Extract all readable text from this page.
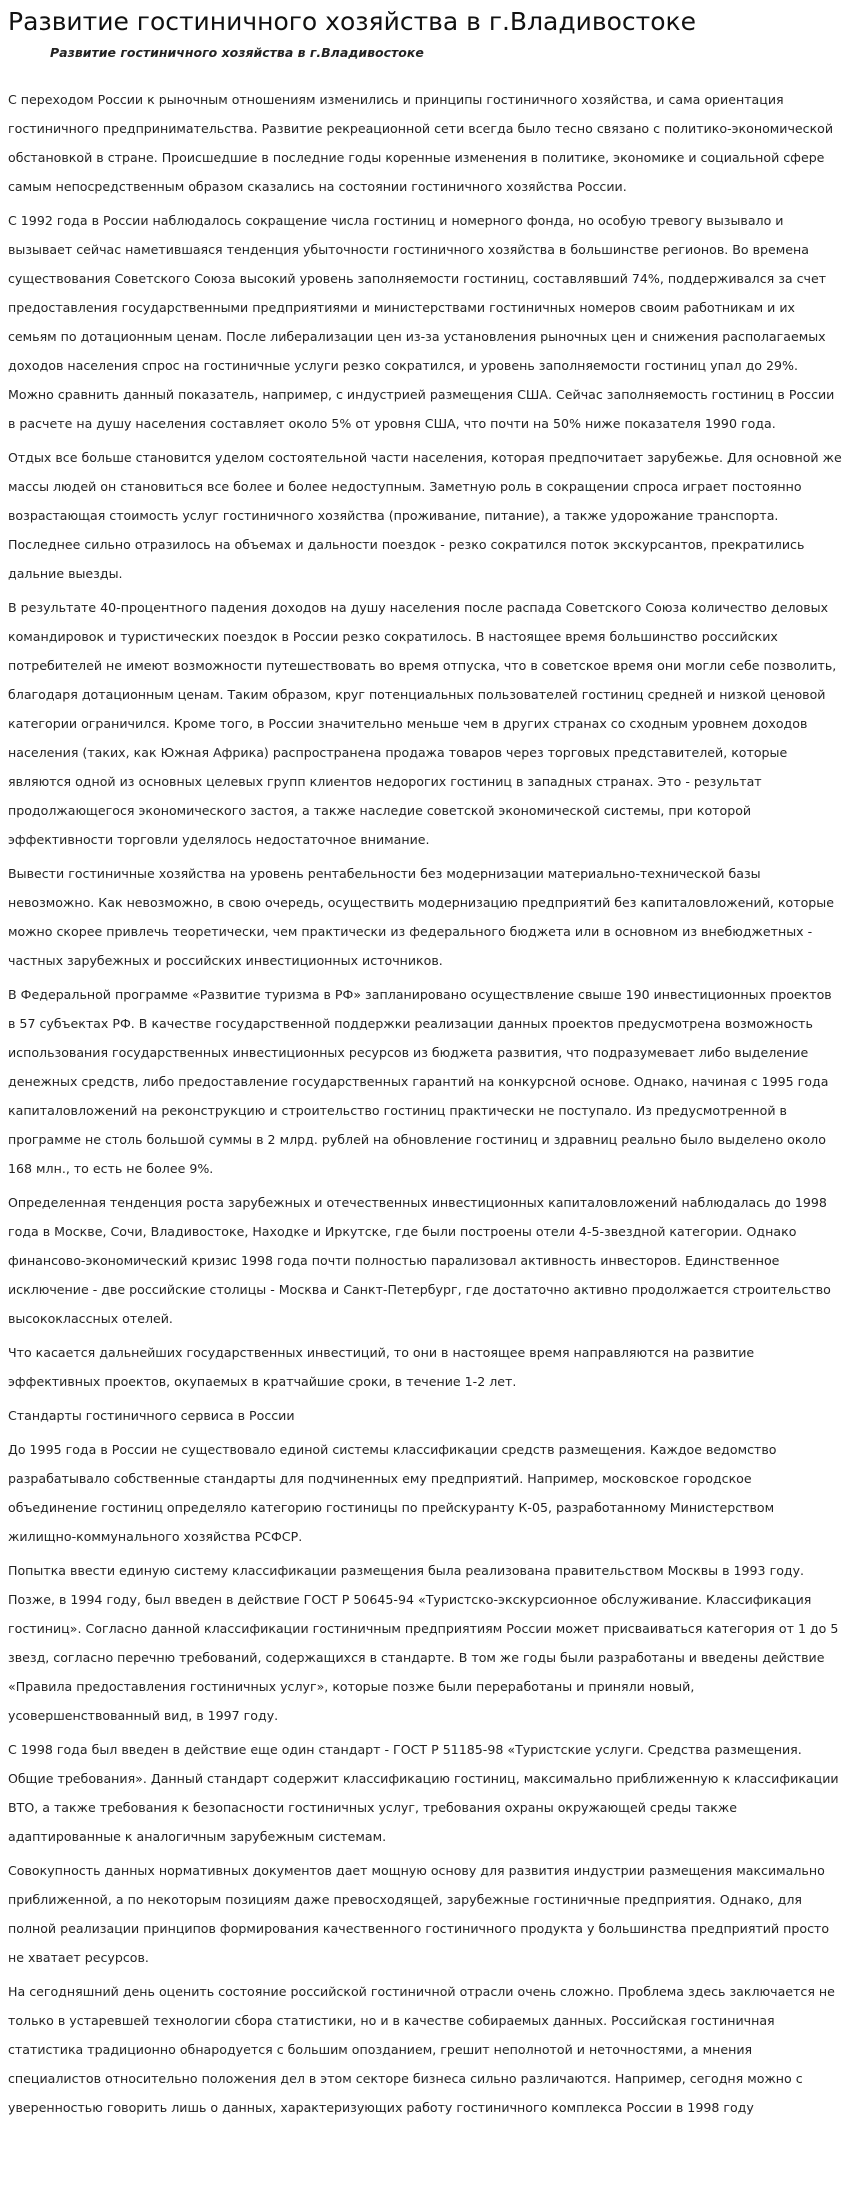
Развитие гостиничного хозяйства в г.Владивостоке
Развитие гостиничного хозяйства в г.Владивостоке

С переходом России к рыночным отношениям изменились и принципы гостиничного хозяйства, и сама ориентация гостиничного предпринимательства. Развитие рекреационной сети всегда было тесно связано с политико-экономической обстановкой в стране. Происшедшие в последние годы коренные изменения в политике, экономике и социальной сфере самым непосредственным образом сказались на состоянии гостиничного хозяйства России.

С 1992 года в России наблюдалось сокращение числа гостиниц и номерного фонда, но особую тревогу вызывало и вызывает сейчас наметившаяся тенденция убыточности гостиничного хозяйства в большинстве регионов. Во времена существования Советского Союза высокий уровень заполняемости гостиниц, составлявший 74%, поддерживался за счет предоставления государственными предприятиями и министерствами гостиничных номеров своим работникам и их семьям по дотационным ценам. После либерализации цен из-за установления рыночных цен и снижения располагаемых доходов населения спрос на гостиничные услуги резко сократился, и уровень заполняемости гостиниц упал до 29%. Можно сравнить данный показатель, например, с индустрией размещения США. Сейчас заполняемость гостиниц в России в расчете на душу населения составляет около 5% от уровня США, что почти на 50% ниже показателя 1990 года.

Отдых все больше становится уделом состоятельной части населения, которая предпочитает зарубежье. Для основной же массы людей он становиться все более и более недоступным. Заметную роль в сокращении спроса играет постоянно возрастающая стоимость услуг гостиничного хозяйства (проживание, питание), а также удорожание транспорта. Последнее сильно отразилось на объемах и дальности поездок - резко сократился поток экскурсантов, прекратились дальние выезды.

В результате 40-процентного падения доходов на душу населения после распада Советского Союза количество деловых командировок и туристических поездок в России резко сократилось. В настоящее время большинство российских потребителей не имеют возможности путешествовать во время отпуска, что в советское время они могли себе позволить, благодаря дотационным ценам. Таким образом, круг потенциальных пользователей гостиниц средней и низкой ценовой категории ограничился. Кроме того, в России значительно меньше чем в других странах со сходным уровнем доходов населения (таких, как Южная Африка) распространена продажа товаров через торговых представителей, которые являются одной из основных целевых групп клиентов недорогих гостиниц в западных странах. Это - результат продолжающегося экономического застоя, а также наследие советской экономической системы, при которой эффективности торговли уделялось недостаточное внимание.

Вывести гостиничные хозяйства на уровень рентабельности без модернизации материально-технической базы невозможно. Как невозможно, в свою очередь, осуществить модернизацию предприятий без капиталовложений, которые можно скорее привлечь теоретически, чем практически из федерального бюджета или в основном из внебюджетных - частных зарубежных и российских инвестиционных источников.

В Федеральной программе «Развитие туризма в РФ» запланировано осуществление свыше 190 инвестиционных проектов в 57 субъектах РФ. В качестве государственной поддержки реализации данных проектов предусмотрена возможность использования государственных инвестиционных ресурсов из бюджета развития, что подразумевает либо выделение денежных средств, либо предоставление государственных гарантий на конкурсной основе. Однако, начиная с 1995 года капиталовложений на реконструкцию и строительство гостиниц практически не поступало. Из предусмотренной в программе не столь большой суммы в 2 млрд. рублей на обновление гостиниц и здравниц реально было выделено около 168 млн., то есть не более 9%.

Определенная тенденция роста зарубежных и отечественных инвестиционных капиталовложений наблюдалась до 1998 года в Москве, Сочи, Владивостоке, Находке и Иркутске, где были построены отели 4-5-звездной категории. Однако финансово-экономический кризис 1998 года почти полностью парализовал активность инвесторов. Единственное исключение - две российские столицы - Москва и Санкт-Петербург, где достаточно активно продолжается строительство высококлассных отелей.

Что касается дальнейших государственных инвестиций, то они в настоящее время направляются на развитие эффективных проектов, окупаемых в кратчайшие сроки, в течение 1-2 лет.

Стандарты гостиничного сервиса в России

До 1995 года в России не существовало единой системы классификации средств размещения. Каждое ведомство разрабатывало собственные стандарты для подчиненных ему предприятий. Например, московское городское объединение гостиниц определяло категорию гостиницы по прейскуранту К-05, разработанному Министерством жилищно-коммунального хозяйства РСФСР.

Попытка ввести единую систему классификации размещения была реализована правительством Москвы в 1993 году. Позже, в 1994 году, был введен в действие ГОСТ Р 50645-94 «Туристско-экскурсионное обслуживание. Классификация гостиниц». Согласно данной классификации гостиничным предприятиям России может присваиваться категория от 1 до 5 звезд, согласно перечню требований, содержащихся в стандарте. В том же годы были разработаны и введены действие «Правила предоставления гостиничных услуг», которые позже были переработаны и приняли новый, усовершенствованный вид, в 1997 году.

С 1998 года был введен в действие еще один стандарт - ГОСТ Р 51185-98 «Туристские услуги. Средства размещения. Общие требования». Данный стандарт содержит классификацию гостиниц, максимально приближенную к классификации ВТО, а также требования к безопасности гостиничных услуг, требования охраны окружающей среды также адаптированные к аналогичным зарубежным системам.

Совокупность данных нормативных документов дает мощную основу для развития индустрии размещения максимально приближенной, а по некоторым позициям даже превосходящей, зарубежные гостиничные предприятия. Однако, для полной реализации принципов формирования качественного гостиничного продукта у большинства предприятий просто не хватает ресурсов.

На сегодняшний день оценить состояние российской гостиничной отрасли очень сложно. Проблема здесь заключается не только в устаревшей технологии сбора статистики, но и в качестве собираемых данных. Российская гостиничная статистика традиционно обнародуется с большим опозданием, грешит неполнотой и неточностями, а мнения специалистов относительно положения дел в этом секторе бизнеса сильно различаются. Например, сегодня можно с уверенностью говорить лишь о данных, характеризующих работу гостиничного комплекса России в 1998 году
